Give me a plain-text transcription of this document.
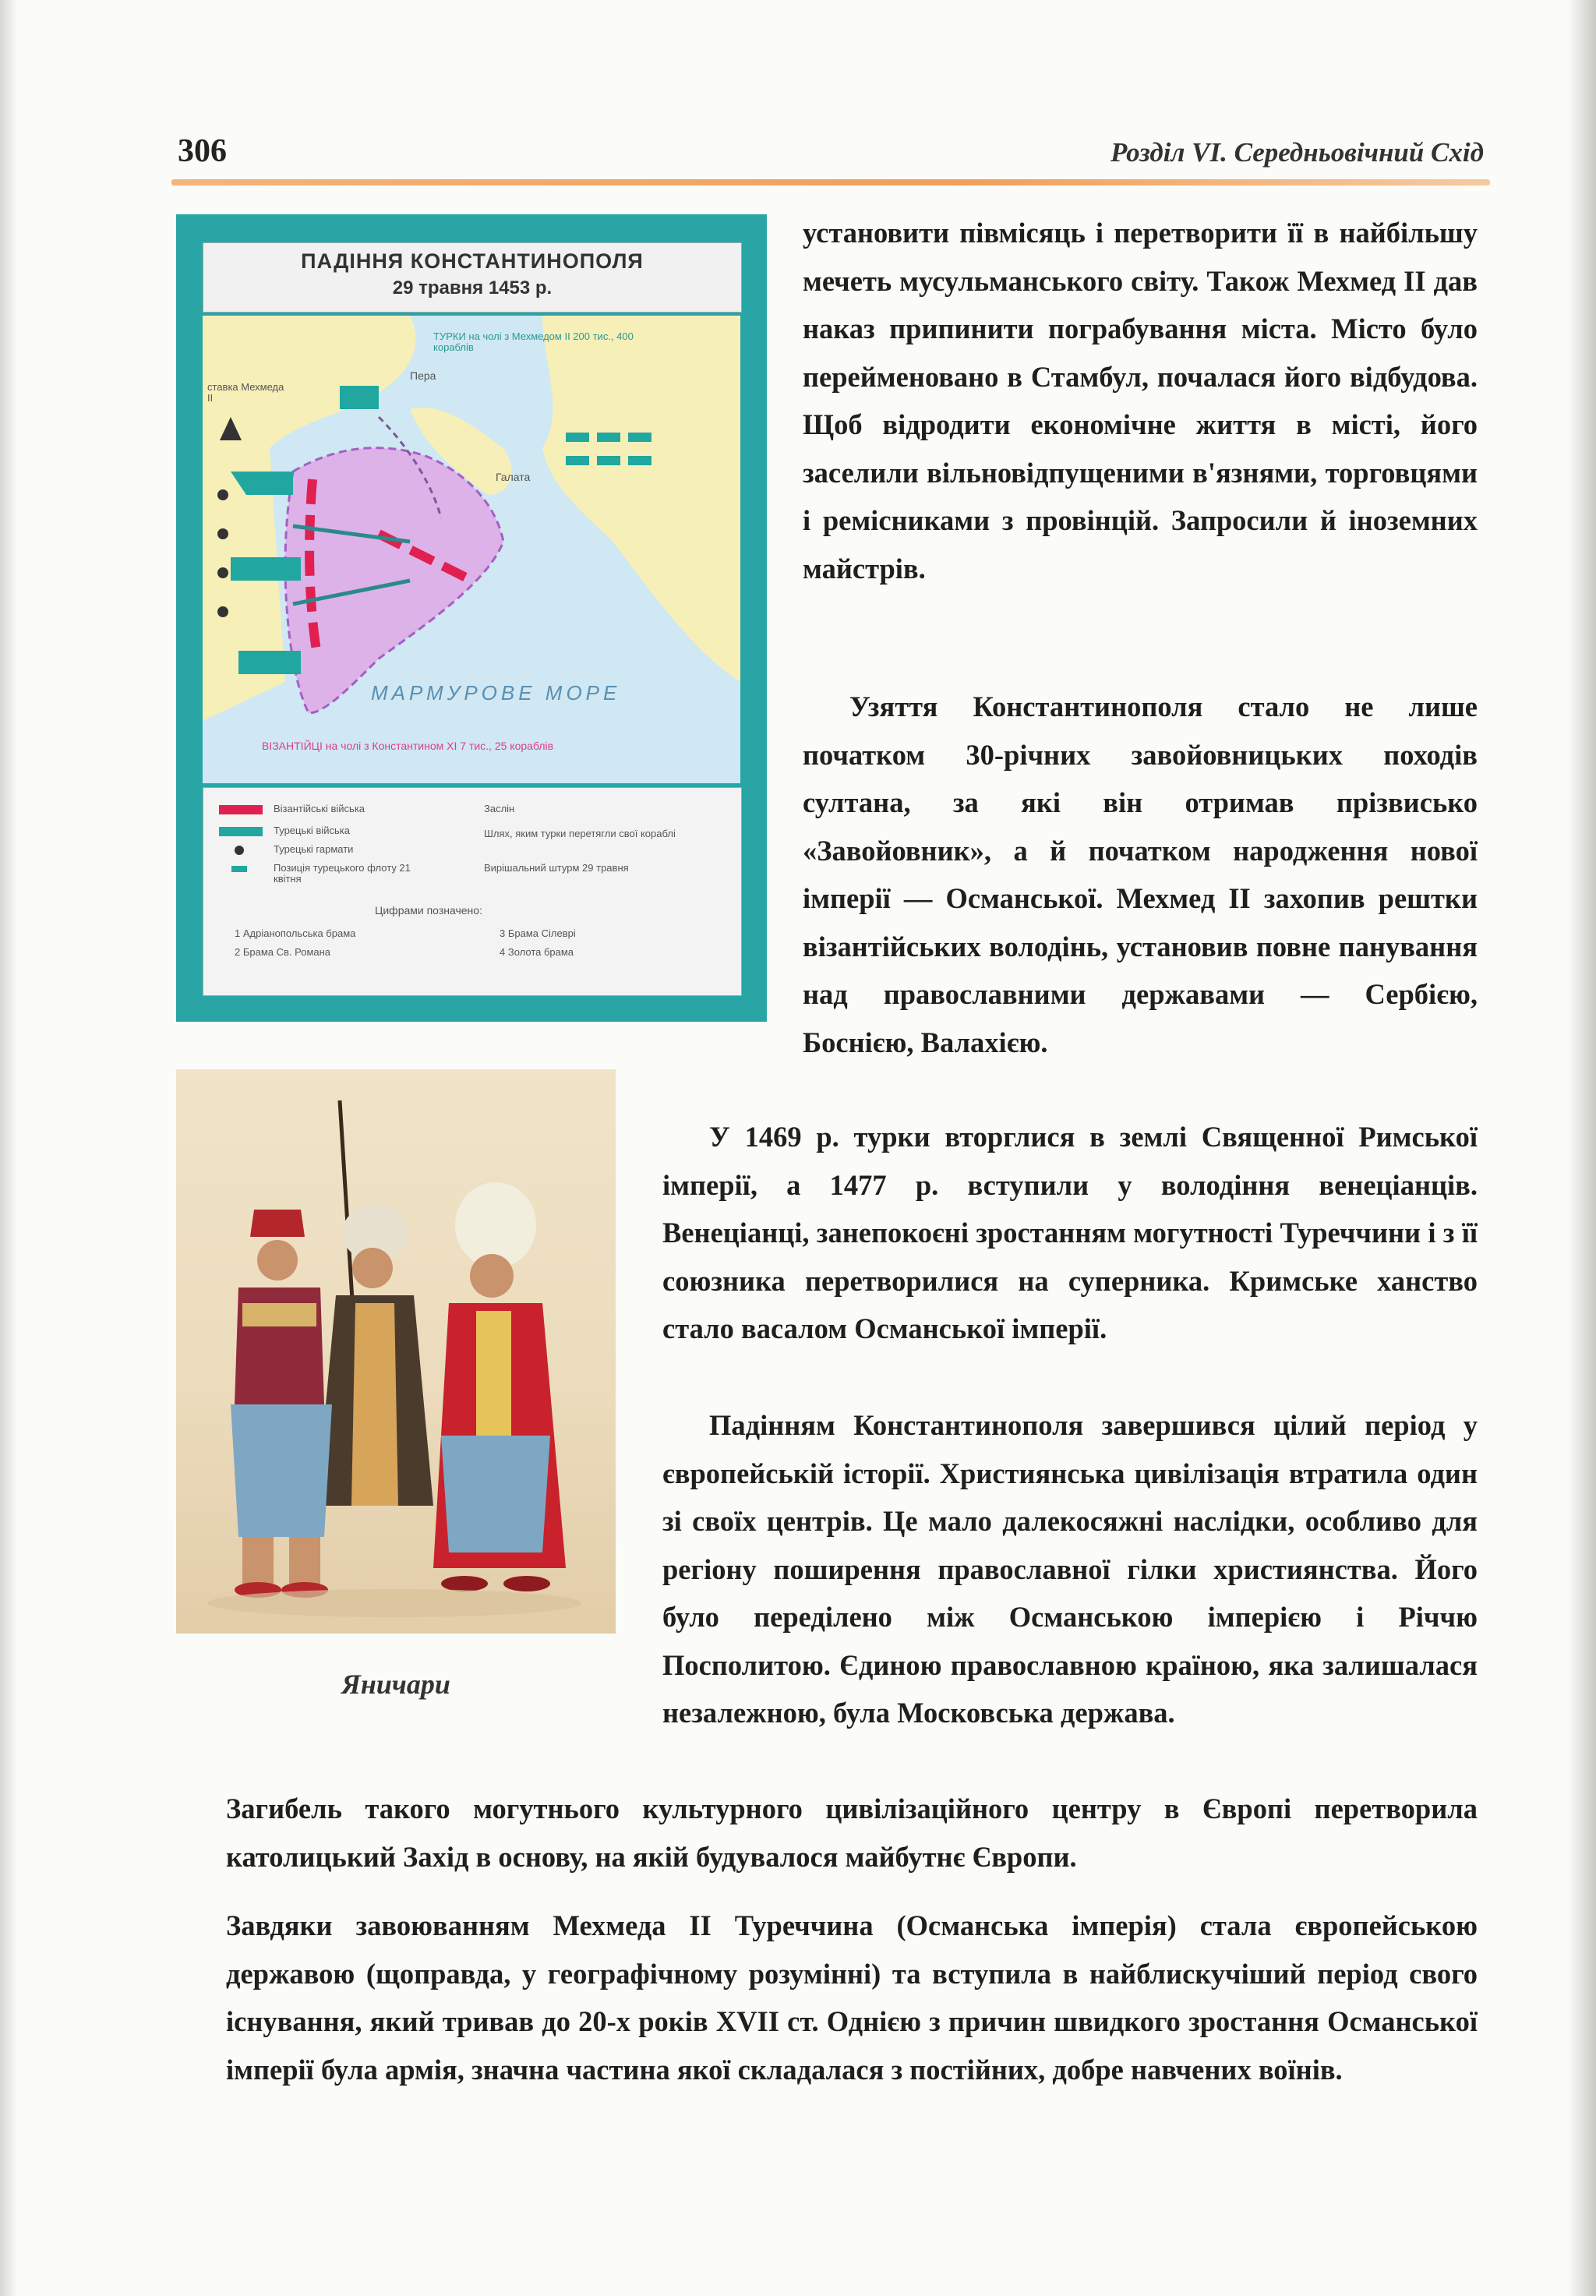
306	Розділ VI. Середньовічний Схід
ПАДІННЯ КОНСТАНТИНОПОЛЯ
29 травня 1453 р.
ТУРКИ на чолі з Мехмедом II 200 тис., 400 кораблів
ставка Мехмеда II
Пера
Галата
МАРМУРОВЕ МОРЕ
ВІЗАНТІЙЦІ на чолі з Константином XI 7 тис., 25 кораблів
Візантійські війська
Турецькі війська
Турецькі гармати
Позиція турецького флоту 21 квітня
Заслін
Шлях, яким турки перетягли свої кораблі
Вирішальний штурм 29 травня
Цифрами позначено:
1 Адріанопольська брама
2 Брама Св. Романа
3 Брама Сілеврі
4 Золота брама
Яничари

установити півмісяць і перетворити її в найбільшу мечеть мусульманського світу. Також Мехмед II дав наказ припинити пограбування міста. Місто було перейменовано в Стамбул, почалася його відбудова. Щоб відродити економічне життя в місті, його заселили вільновідпущеними в'язнями, торговцями і ремісниками з провінцій. Запросили й іноземних майстрів.

Узяття Константинополя стало не лише початком 30-річних завойовницьких походів султана, за які він отримав прізвисько «Завойовник», а й початком народження нової імперії — Османської. Мехмед II захопив рештки візантійських володінь, установив повне панування над православними державами — Сербією, Боснією, Валахією.

У 1469 р. турки вторглися в землі Священної Римської імперії, а 1477 р. вступили у володіння венеціанців. Венеціанці, занепокоєні зростанням могутності Туреччини і з її союзника перетворилися на суперника. Кримське ханство стало васалом Османської імперії.

Падінням Константинополя завершився цілий період у європейській історії. Християнська цивілізація втратила один зі своїх центрів. Це мало далекосяжні наслідки, особливо для регіону поширення православної гілки християнства. Його було переділено між Османською імперією і Річчю Посполитою. Єдиною православною країною, яка залишалася незалежною, була Московська держава.

Загибель такого могутнього культурного цивілізаційного центру в Європі перетворила католицький Захід в основу, на якій будувалося майбутнє Європи.

Завдяки завоюванням Мехмеда II Туреччина (Османська імперія) стала європейською державою (щоправда, у географічному розумінні) та вступила в найблискучіший період свого існування, який тривав до 20-х років XVII ст. Однією з причин швидкого зростання Османської імперії була армія, значна частина якої складалася з постійних, добре навчених воїнів.
